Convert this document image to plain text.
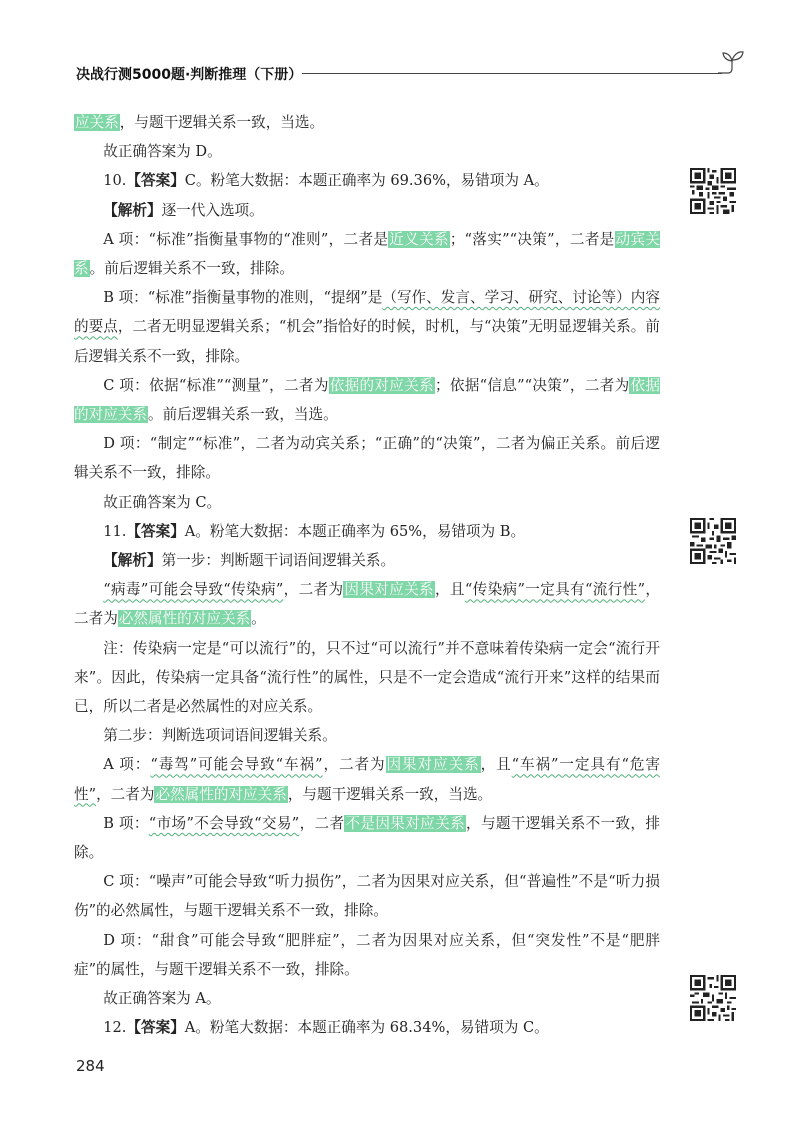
决战行测5000题·判断推理（下册）

应关系，与题干逻辑关系一致，当选。

故正确答案为 D。

10.【答案】C。粉笔大数据：本题正确率为 69.36%，易错项为 A。

【解析】逐一代入选项。

A 项：“标准”指衡量事物的“准则”，二者是近义关系；“落实”“决策”，二者是动宾关系。前后逻辑关系不一致，排除。

B 项：“标准”指衡量事物的准则，“提纲”是（写作、发言、学习、研究、讨论等）内容的要点，二者无明显逻辑关系；“机会”指恰好的时候，时机，与“决策”无明显逻辑关系。前后逻辑关系不一致，排除。

C 项：依据“标准”“测量”，二者为依据的对应关系；依据“信息”“决策”，二者为依据的对应关系。前后逻辑关系一致，当选。

D 项：“制定”“标准”，二者为动宾关系；“正确”的“决策”，二者为偏正关系。前后逻辑关系不一致，排除。

故正确答案为 C。

11.【答案】A。粉笔大数据：本题正确率为 65%，易错项为 B。

【解析】第一步：判断题干词语间逻辑关系。

“病毒”可能会导致“传染病”，二者为因果对应关系，且“传染病”一定具有“流行性”，二者为必然属性的对应关系。

注：传染病一定是“可以流行”的，只不过“可以流行”并不意味着传染病一定会“流行开来”。因此，传染病一定具备“流行性”的属性，只是不一定会造成“流行开来”这样的结果而已，所以二者是必然属性的对应关系。

第二步：判断选项词语间逻辑关系。

A 项：“毒驾”可能会导致“车祸”，二者为因果对应关系，且“车祸”一定具有“危害性”，二者为必然属性的对应关系，与题干逻辑关系一致，当选。

B 项：“市场”不会导致“交易”，二者不是因果对应关系，与题干逻辑关系不一致，排除。

C 项：“噪声”可能会导致“听力损伤”，二者为因果对应关系，但“普遍性”不是“听力损伤”的必然属性，与题干逻辑关系不一致，排除。

D 项：“甜食”可能会导致“肥胖症”，二者为因果对应关系，但“突发性”不是“肥胖症”的属性，与题干逻辑关系不一致，排除。

故正确答案为 A。

12.【答案】A。粉笔大数据：本题正确率为 68.34%，易错项为 C。

284
